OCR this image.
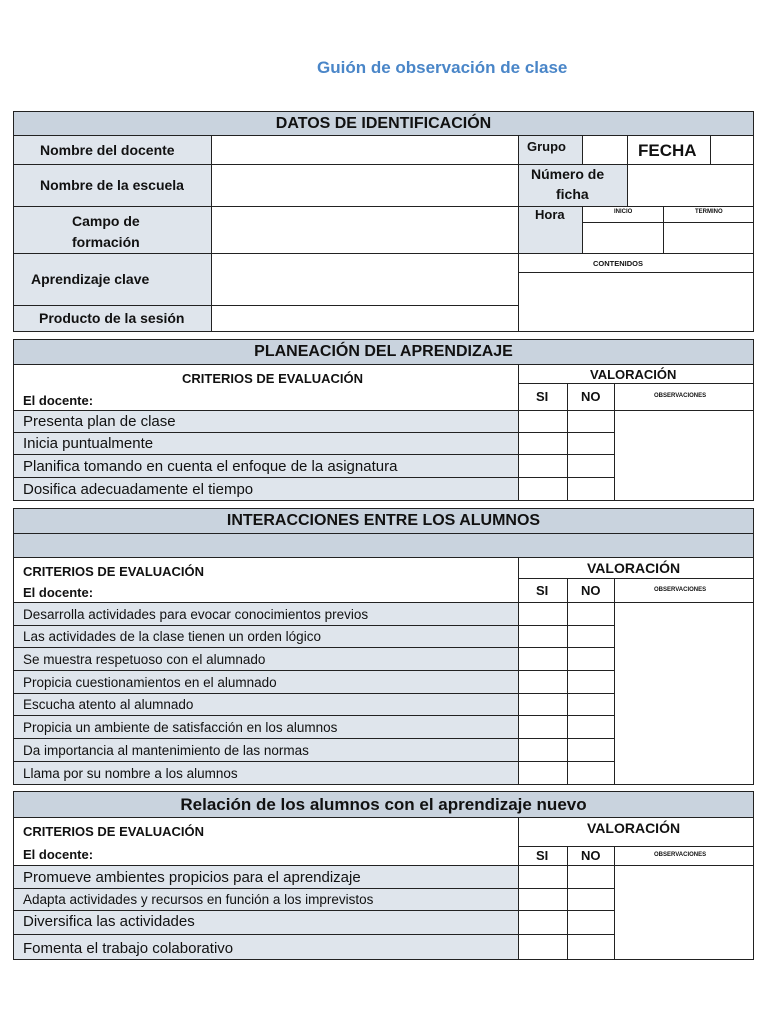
Guión de observación de clase
DATOS DE IDENTIFICACIÓN
Nombre del docente
Nombre de la escuela
Campo de
formación
Aprendizaje clave
Producto de la sesión
Grupo	FECHA
Número de
ficha
Hora	INICIO	TERMINO
CONTENIDOS
PLANEACIÓN DEL APRENDIZAJE
CRITERIOS DE EVALUACIÓN
El docente:
VALORACIÓN
SI	NO	OBSERVACIONES
Presenta plan de clase
Inicia puntualmente
Planifica tomando en cuenta el enfoque de la asignatura
Dosifica adecuadamente el tiempo
INTERACCIONES ENTRE LOS ALUMNOS
CRITERIOS DE EVALUACIÓN
El docente:
VALORACIÓN
SI	NO	OBSERVACIONES
Desarrolla actividades para evocar conocimientos previos
Las actividades de la clase tienen un orden lógico
Se muestra respetuoso con el alumnado
Propicia cuestionamientos en el alumnado
Escucha atento al alumnado
Propicia un ambiente de satisfacción en los alumnos
Da importancia al mantenimiento de las normas
Llama por su nombre a los alumnos
Relación de los alumnos con el aprendizaje nuevo
CRITERIOS DE EVALUACIÓN
El docente:
VALORACIÓN
SI	NO	OBSERVACIONES
Promueve ambientes propicios para el aprendizaje
Adapta actividades y recursos en función a los imprevistos
Diversifica las actividades
Fomenta el trabajo colaborativo
